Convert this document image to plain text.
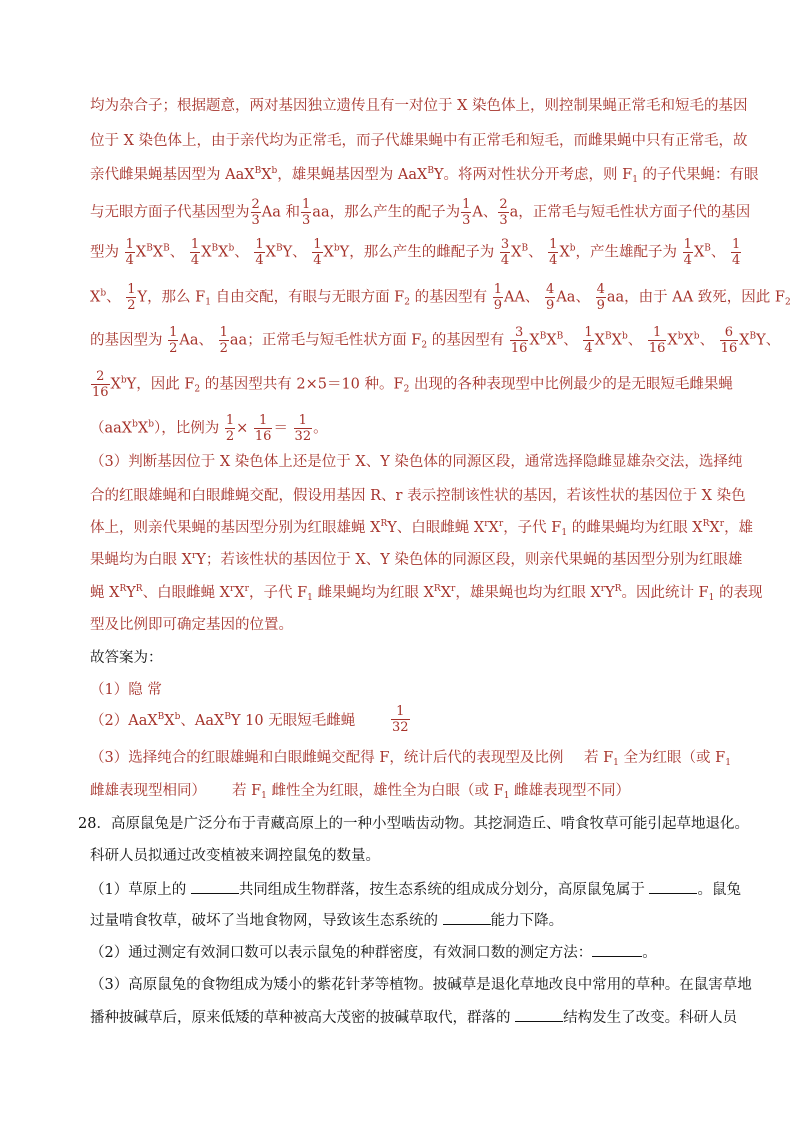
均为杂合子；根据题意，两对基因独立遗传且有一对位于 X 染色体上，则控制果蝇正常毛和短毛的基因
位于 X 染色体上，由于亲代均为正常毛，而子代雄果蝇中有正常毛和短毛，而雌果蝇中只有正常毛，故
亲代雌果蝇基因型为 $AaX^BX^b$，雄果蝇基因型为 AaX$^B$Y。将两对性状分开考虑，则 $F_1$ 的子代果蝇：有眼
与无眼方面子代基因型为 $\frac{2}{3}$ Aa 和 $\frac{1}{3}$ aa，那么产生的配子为 $\frac{1}{3}$ A、 $\frac{2}{3}$ a，正常毛与短毛性状方面子代的基因
型为 $\frac{1}{4} X^BX^B$、 $\frac{1}{4} X^BX^b$、 $\frac{1}{4} X^BY$、 $\frac{1}{4} X^bY$，那么产生的雌配子为 $\frac{3}{4} X^B$、 $\frac{1}{4} X^b$，产生雄配子为 $\frac{1}{4} X^B$、 $\frac{1}{4}$
$X^b$、 $\frac{1}{2}$ Y，那么 $F_1$ 自由交配，有眼与无眼方面 $F_2$ 的基因型有 $\frac{1}{9}$ AA、 $\frac{4}{9}$ Aa、 $\frac{4}{9}$ aa，由于 AA 致死，因此 $F_2$
的基因型为 $\frac{1}{2}$ Aa、 $\frac{1}{2}$ aa；正常毛与短毛性状方面 $F_2$ 的基因型有 $\frac{3}{16} X^BX^B$、 $\frac{1}{4} X^BX^b$、 $\frac{1}{16} X^bX^b$、 $\frac{6}{16} X^BY$、
$\frac{2}{16} X^bY$，因此 $F_2$ 的基因型共有 2×5＝10 种。$F_2$ 出现的各种表现型中比例最少的是无眼短毛雌果蝇
$(aaX^bX^b)$，比例为 $\frac{1}{2} \times \frac{1}{16} = \frac{1}{32}$ 。
（3）判断基因位于 X 染色体上还是位于 X、Y 染色体的同源区段，通常选择隐雌显雄杂交法，选择纯
合的红眼雄蝇和白眼雌蝇交配，假设用基因 R、r 表示控制该性状的基因，若该性状的基因位于 X 染色
体上，则亲代果蝇的基因型分别为红眼雄蝇 $X^RY$、白眼雌蝇 $X^rX^r$，子代 $F_1$ 的雌果蝇均为红眼 $X^RX^r$，雄
果蝇均为白眼 $X^rY$；若该性状的基因位于 X、Y 染色体的同源区段，则亲代果蝇的基因型分别为红眼雄
蝇 $X^RY^R$、白眼雌蝇 $X^rX^r$，子代 $F_1$ 雌果蝇均为红眼 $X^RX^r$，雄果蝇也均为红眼 $X^rY^R$。因此统计 $F_1$ 的表现
型及比例即可确定基因的位置。
故答案为：
（1）隐 常
$(2)AaX^BX^b$、AaX$^B$Y 10 无眼短毛雌蝇	$\frac{1}{32}$
（3）选择纯合的红眼雄蝇和白眼雌蝇交配得 F，统计后代的表现型及比例 若 $F_1$ 全为红眼（或 $F_1$
雌雄表现型相同） 若 $F_1$ 雌性全为红眼，雄性全为白眼（或 $F_1$ 雌雄表现型不同）
28．高原鼠兔是广泛分布于青藏高原上的一种小型啮齿动物。其挖洞造丘、啃食牧草可能引起草地退化。
科研人员拟通过改变植被来调控鼠兔的数量。
（1）草原上的	共同组成生物群落，按生态系统的组成成分划分，高原鼠兔属于	。鼠兔
过量啃食牧草，破坏了当地食物网，导致该生态系统的	能力下降。
（2）通过测定有效洞口数可以表示鼠兔的种群密度，有效洞口数的测定方法：	。
（3）高原鼠兔的食物组成为矮小的紫花针茅等植物。披碱草是退化草地改良中常用的草种。在鼠害草地
播种披碱草后，原来低矮的草种被高大茂密的披碱草取代，群落的	结构发生了改变。科研人员
